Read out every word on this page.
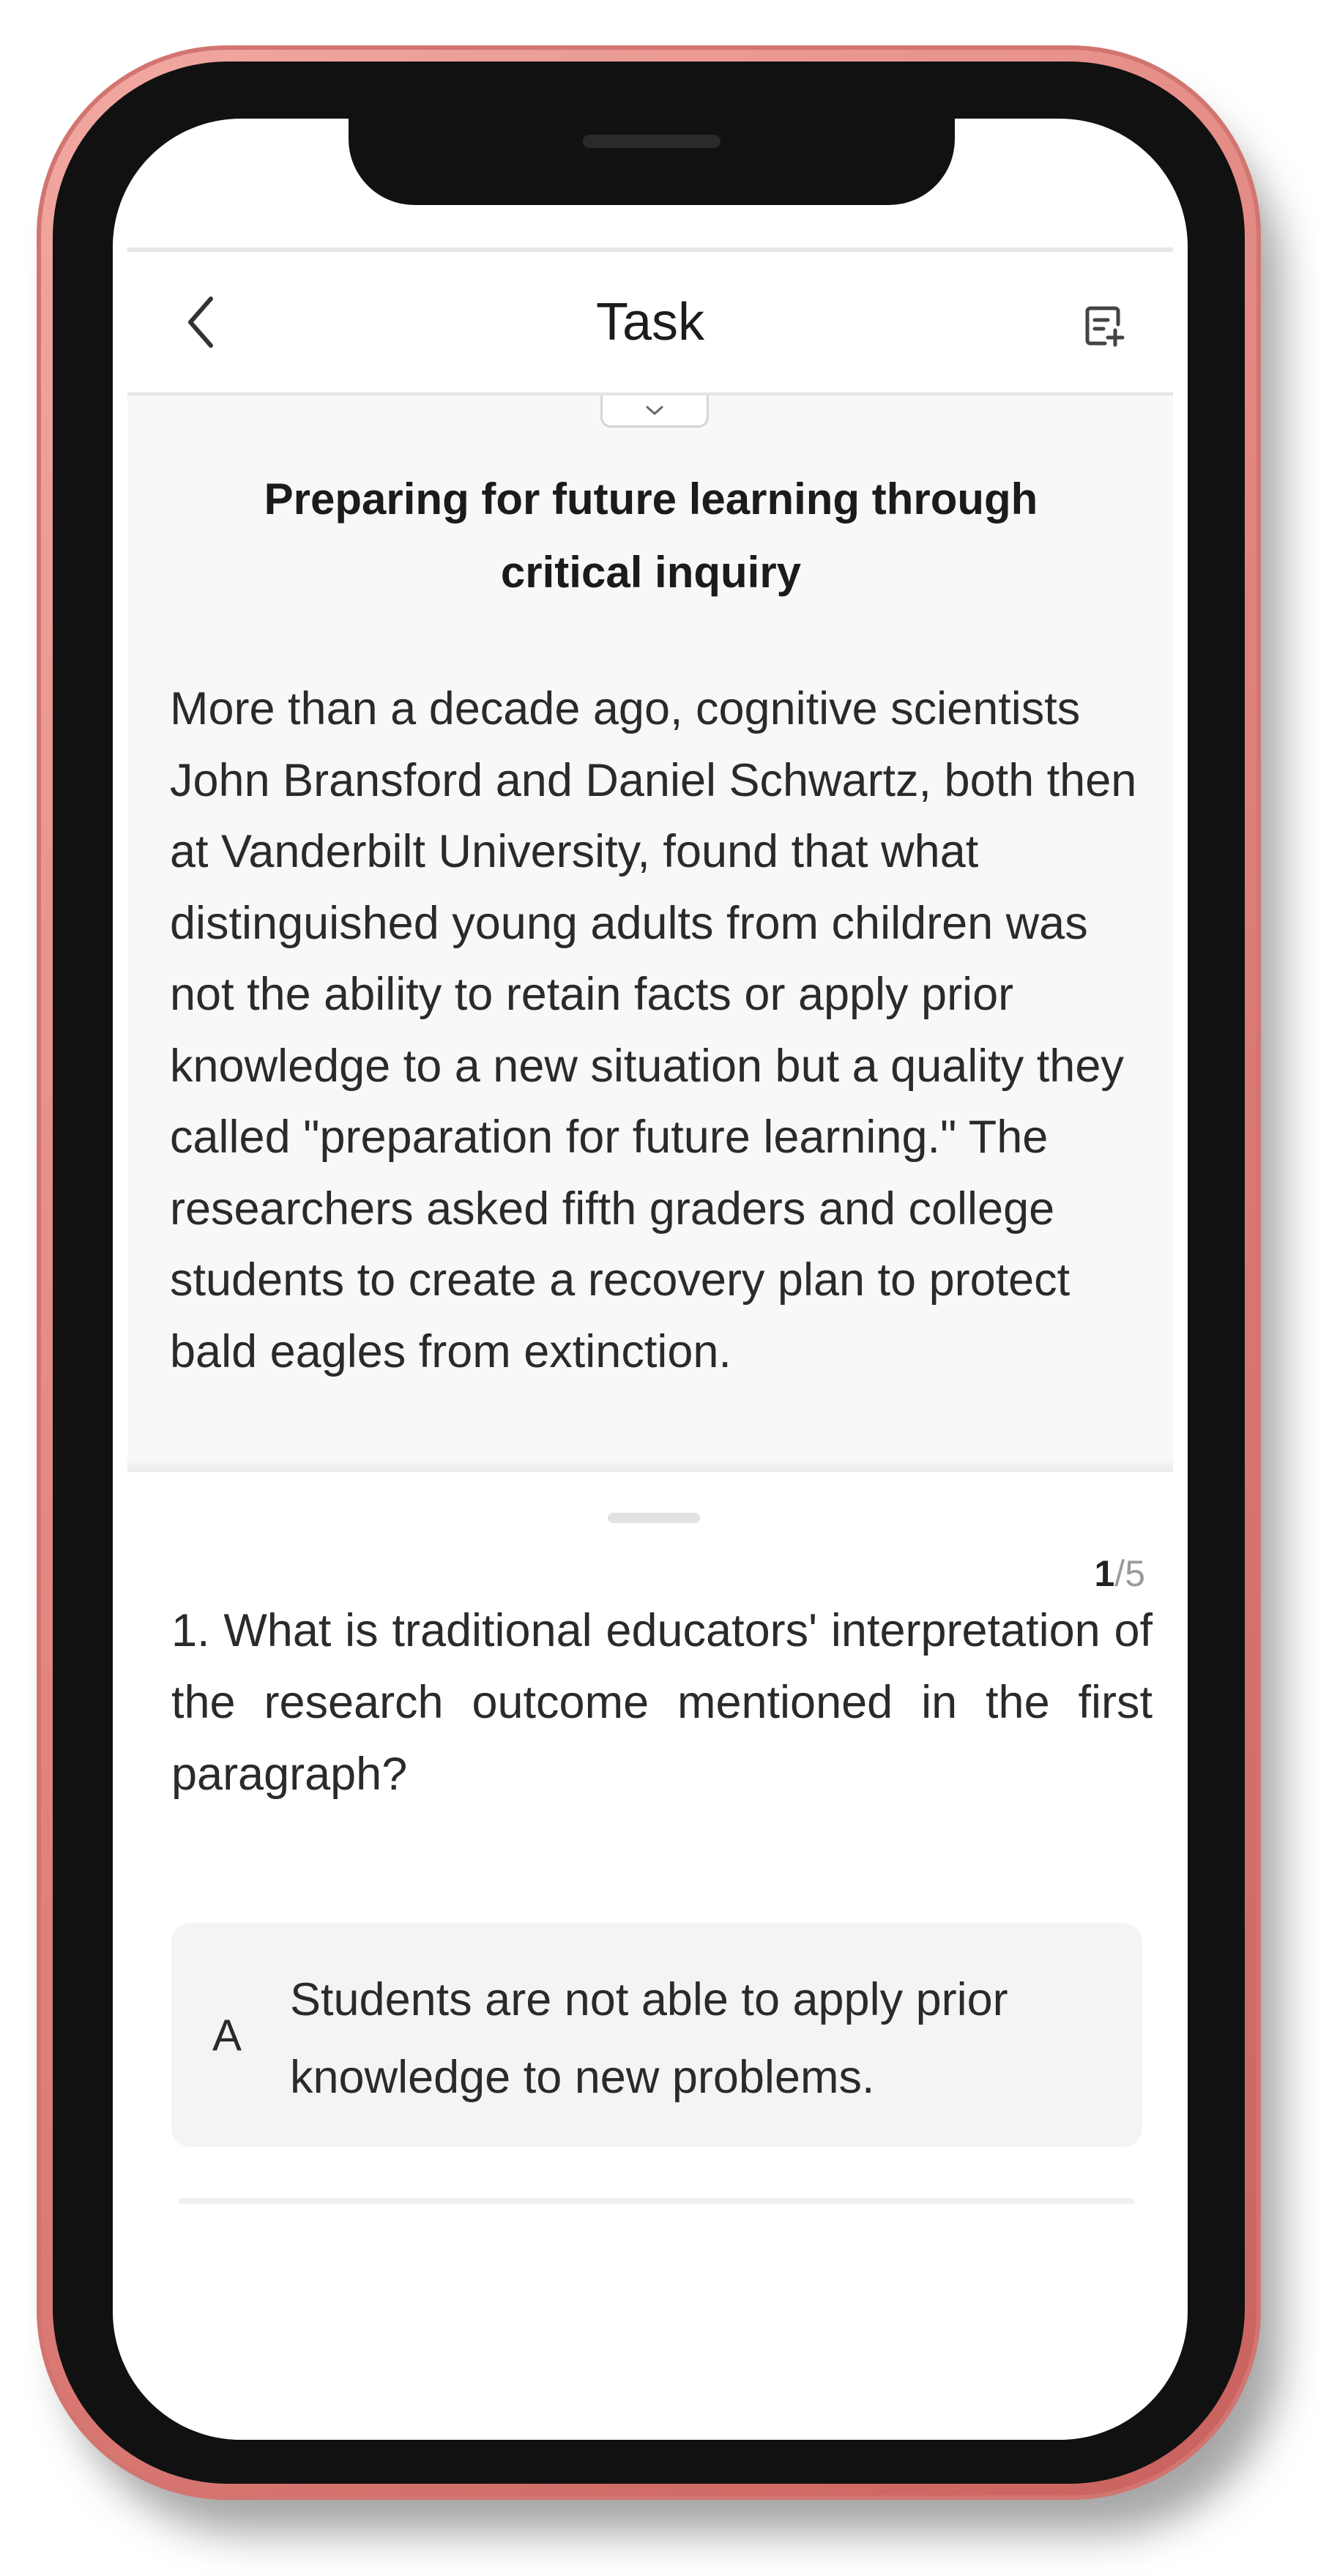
Task
Preparing for future learning through critical inquiry

More than a decade ago, cognitive scientists John Bransford and Daniel Schwartz, both then at Vanderbilt University, found that what distinguished young adults from children was not the ability to retain facts or apply prior knowledge to a new situation but a quality they called "preparation for future learning." The researchers asked fifth graders and college students to create a recovery plan to protect bald eagles from extinction.

1/5

1. What is traditional educators' interpretation of the research outcome mentioned in the first paragraph?

A

Students are not able to apply prior knowledge to new problems.
